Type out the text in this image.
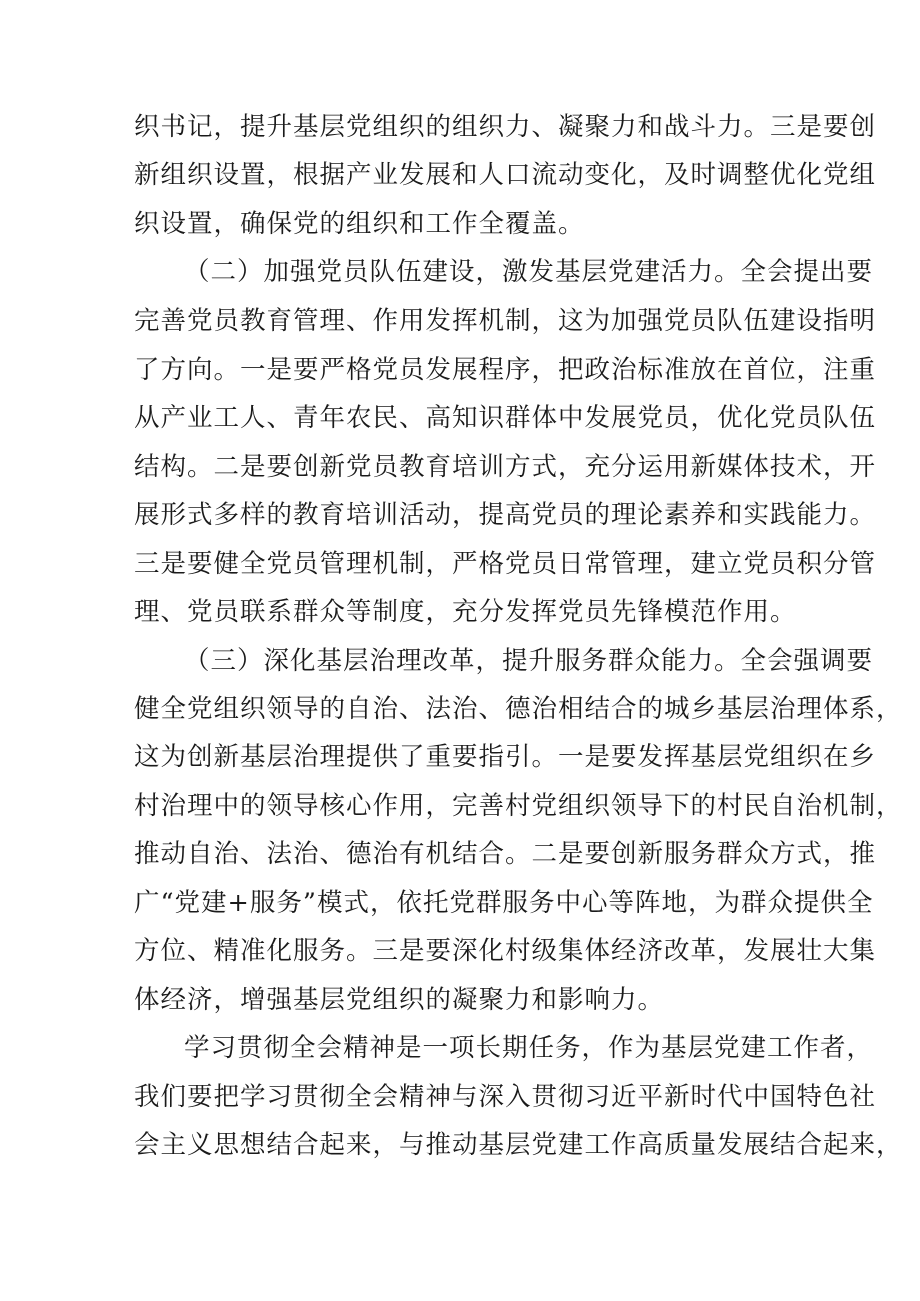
织书记，提升基层党组织的组织力、凝聚力和战斗力。三是要创
新组织设置，根据产业发展和人口流动变化，及时调整优化党组
织设置，确保党的组织和工作全覆盖。
（二）加强党员队伍建设，激发基层党建活力。全会提出要
完善党员教育管理、作用发挥机制，这为加强党员队伍建设指明
了方向。一是要严格党员发展程序，把政治标准放在首位，注重
从产业工人、青年农民、高知识群体中发展党员，优化党员队伍
结构。二是要创新党员教育培训方式，充分运用新媒体技术，开
展形式多样的教育培训活动，提高党员的理论素养和实践能力。
三是要健全党员管理机制，严格党员日常管理，建立党员积分管
理、党员联系群众等制度，充分发挥党员先锋模范作用。
（三）深化基层治理改革，提升服务群众能力。全会强调要
健全党组织领导的自治、法治、德治相结合的城乡基层治理体系，
这为创新基层治理提供了重要指引。一是要发挥基层党组织在乡
村治理中的领导核心作用，完善村党组织领导下的村民自治机制，
推动自治、法治、德治有机结合。二是要创新服务群众方式，推
广“党建+服务”模式，依托党群服务中心等阵地，为群众提供全
方位、精准化服务。三是要深化村级集体经济改革，发展壮大集
体经济，增强基层党组织的凝聚力和影响力。
学习贯彻全会精神是一项长期任务，作为基层党建工作者，
我们要把学习贯彻全会精神与深入贯彻习近平新时代中国特色社
会主义思想结合起来，与推动基层党建工作高质量发展结合起来，
